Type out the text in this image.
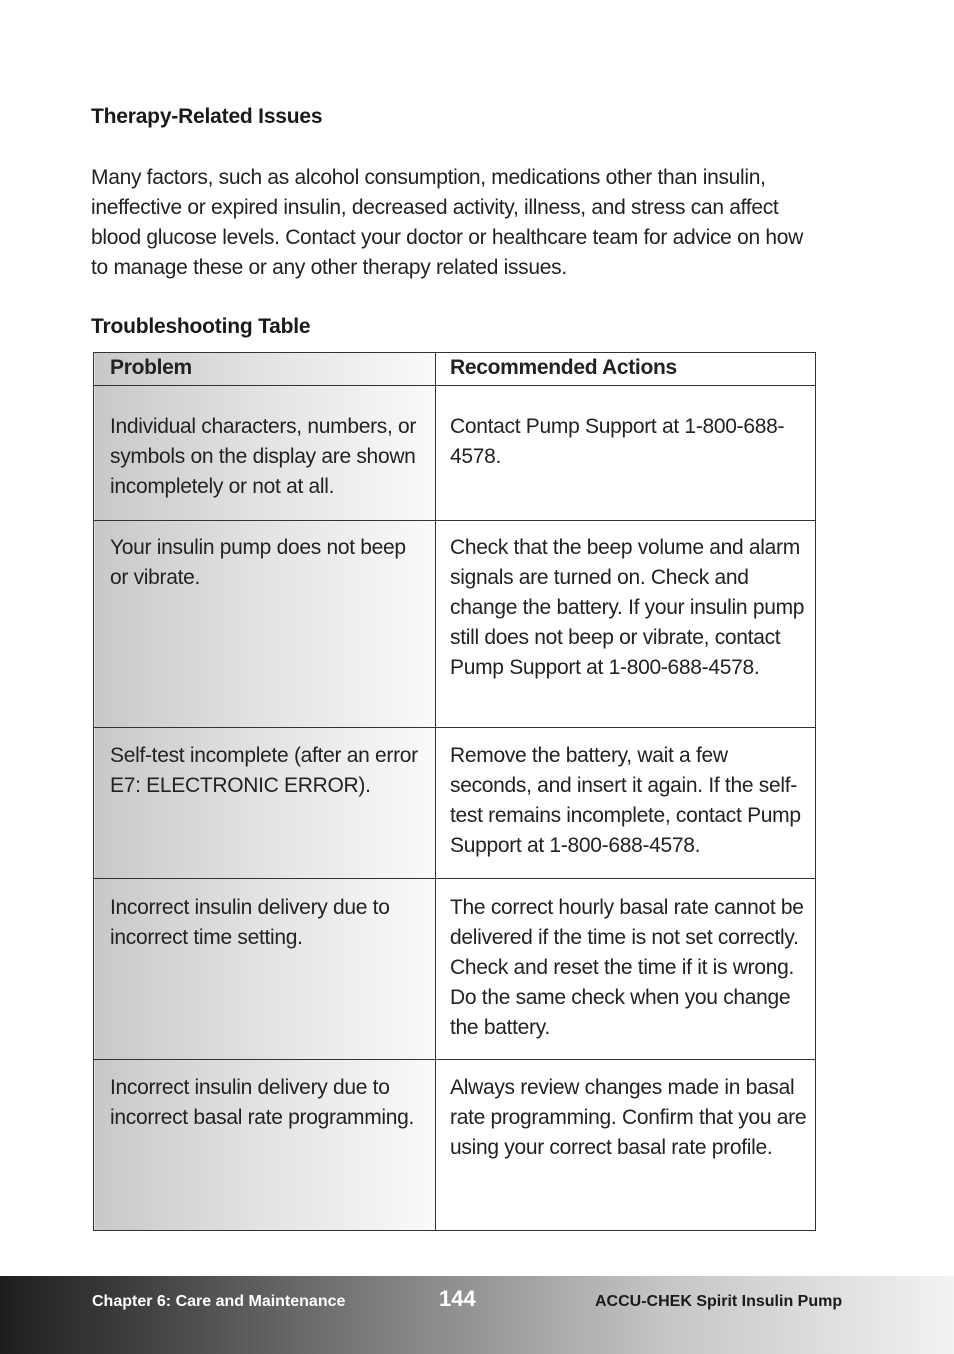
Therapy-Related Issues
Many factors, such as alcohol consumption, medications other than insulin, ineffective or expired insulin, decreased activity, illness, and stress can affect blood glucose levels. Contact your doctor or healthcare team for advice on how to manage these or any other therapy related issues.
Troubleshooting Table
Problem	Recommended Actions
Individual characters, numbers, or symbols on the display are shown incompletely or not at all.	Contact Pump Support at 1-800-688-4578.
Your insulin pump does not beep or vibrate.	Check that the beep volume and alarm signals are turned on. Check and change the battery. If your insulin pump still does not beep or vibrate, contact Pump Support at 1-800-688-4578.
Self-test incomplete (after an error E7: ELECTRONIC ERROR).	Remove the battery, wait a few seconds, and insert it again. If the self-test remains incomplete, contact Pump Support at 1-800-688-4578.
Incorrect insulin delivery due to incorrect time setting.	The correct hourly basal rate cannot be delivered if the time is not set correctly. Check and reset the time if it is wrong. Do the same check when you change the battery.
Incorrect insulin delivery due to incorrect basal rate programming.	Always review changes made in basal rate programming. Confirm that you are using your correct basal rate profile.
Chapter 6: Care and Maintenance	144	ACCU-CHEK Spirit Insulin Pump
